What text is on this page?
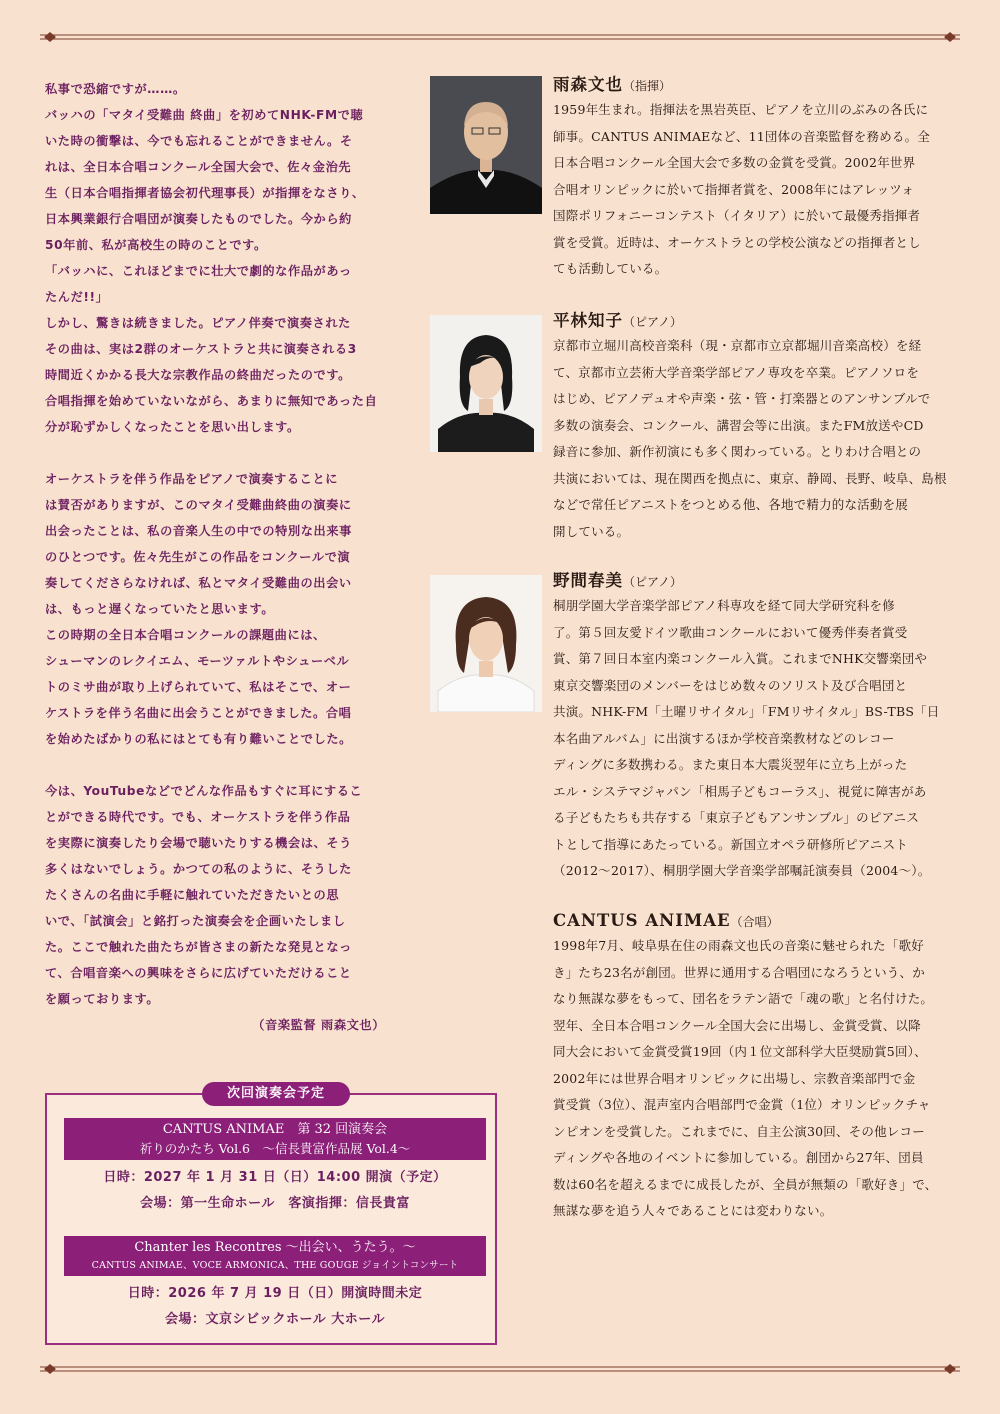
私事で恐縮ですが……。

バッハの「マタイ受難曲 終曲」を初めてNHK-FMで聴

いた時の衝撃は、今でも忘れることができません。そ

れは、全日本合唱コンクール全国大会で、佐々金治先

生（日本合唱指揮者協会初代理事長）が指揮をなさり、

日本興業銀行合唱団が演奏したものでした。今から約

50年前、私が高校生の時のことです。

「バッハに、これほどまでに壮大で劇的な作品があっ

たんだ!!」

しかし、驚きは続きました。ピアノ伴奏で演奏された

その曲は、実は2群のオーケストラと共に演奏される3

時間近くかかる長大な宗教作品の終曲だったのです。

合唱指揮を始めていないながら、あまりに無知であった自

分が恥ずかしくなったことを思い出します。

オーケストラを伴う作品をピアノで演奏することに

は賛否がありますが、このマタイ受難曲終曲の演奏に

出会ったことは、私の音楽人生の中での特別な出来事

のひとつです。佐々先生がこの作品をコンクールで演

奏してくださらなければ、私とマタイ受難曲の出会い

は、もっと遅くなっていたと思います。

この時期の全日本合唱コンクールの課題曲には、

シューマンのレクイエム、モーツァルトやシューベル

トのミサ曲が取り上げられていて、私はそこで、オー

ケストラを伴う名曲に出会うことができました。合唱

を始めたばかりの私にはとても有り難いことでした。

今は、YouTubeなどでどんな作品もすぐに耳にするこ

とができる時代です。でも、オーケストラを伴う作品

を実際に演奏したり会場で聴いたりする機会は、そう

多くはないでしょう。かつての私のように、そうした

たくさんの名曲に手軽に触れていただきたいとの思

いで、「試演会」と銘打った演奏会を企画いたしまし

た。ここで触れた曲たちが皆さまの新たな発見となっ

て、合唱音楽への興味をさらに広げていただけること

を願っております。

（音楽監督 雨森文也）

次回演奏会予定
CANTUS ANIMAE　第 32 回演奏会
祈りのかたち Vol.6　～信長貴富作品展 Vol.4～
日時：2027 年 1 月 31 日（日）14:00 開演（予定）
会場：第一生命ホール　客演指揮：信長貴富
Chanter les Recontres ～出会い、うたう。～
CANTUS ANIMAE、VOCE ARMONICA、THE GOUGE ジョイントコンサート
日時：2026 年 7 月 19 日（日）開演時間未定
会場：文京シビックホール 大ホール
雨森文也（指揮）
1959年生まれ。指揮法を黒岩英臣、ピアノを立川のぶみの各氏に
師事。CANTUS ANIMAEなど、11団体の音楽監督を務める。全
日本合唱コンクール全国大会で多数の金賞を受賞。2002年世界
合唱オリンピックに於いて指揮者賞を、2008年にはアレッツォ
国際ポリフォニーコンテスト（イタリア）に於いて最優秀指揮者
賞を受賞。近時は、オーケストラとの学校公演などの指揮者とし
ても活動している。
平林知子（ピアノ）
京都市立堀川高校音楽科（現・京都市立京都堀川音楽高校）を経
て、京都市立芸術大学音楽学部ピアノ専攻を卒業。ピアノソロを
はじめ、ピアノデュオや声楽・弦・管・打楽器とのアンサンブルで
多数の演奏会、コンクール、講習会等に出演。またFM放送やCD
録音に参加、新作初演にも多く関わっている。とりわけ合唱との
共演においては、現在関西を拠点に、東京、静岡、長野、岐阜、島根
などで常任ピアニストをつとめる他、各地で精力的な活動を展
開している。
野間春美（ピアノ）
桐朋学園大学音楽学部ピアノ科専攻を経て同大学研究科を修
了。第５回友愛ドイツ歌曲コンクールにおいて優秀伴奏者賞受
賞、第７回日本室内楽コンクール入賞。これまでNHK交響楽団や
東京交響楽団のメンバーをはじめ数々のソリスト及び合唱団と
共演。NHK-FM「土曜リサイタル」「FMリサイタル」BS-TBS「日
本名曲アルバム」に出演するほか学校音楽教材などのレコー
ディングに多数携わる。また東日本大震災翌年に立ち上がった
エル・システマジャパン「相馬子どもコーラス」、視覚に障害があ
る子どもたちも共存する「東京子どもアンサンブル」のピアニス
トとして指導にあたっている。新国立オペラ研修所ピアニスト
（2012～2017）、桐朋学園大学音楽学部嘱託演奏員（2004～）。
CANTUS ANIMAE（合唱）
1998年7月、岐阜県在住の雨森文也氏の音楽に魅せられた「歌好
き」たち23名が創団。世界に通用する合唱団になろうという、か
なり無謀な夢をもって、団名をラテン語で「魂の歌」と名付けた。
翌年、全日本合唱コンクール全国大会に出場し、金賞受賞、以降
同大会において金賞受賞19回（内１位文部科学大臣奨励賞5回）、
2002年には世界合唱オリンピックに出場し、宗教音楽部門で金
賞受賞（3位）、混声室内合唱部門で金賞（1位）オリンピックチャ
ンピオンを受賞した。これまでに、自主公演30回、その他レコー
ディングや各地のイベントに参加している。創団から27年、団員
数は60名を超えるまでに成長したが、全員が無類の「歌好き」で、
無謀な夢を追う人々であることには変わりない。
